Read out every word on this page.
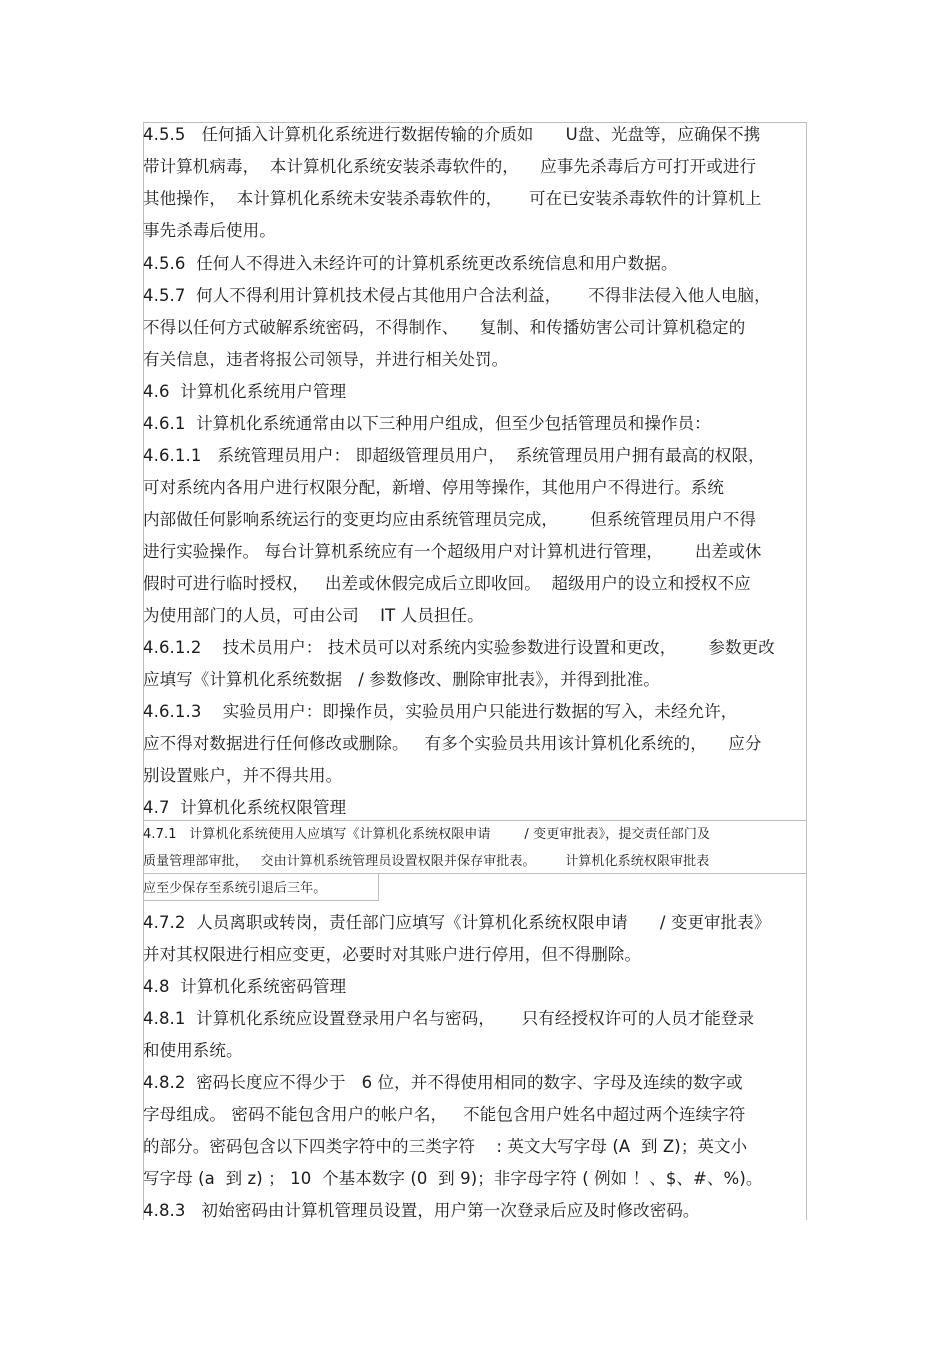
4.5.5   任何插入计算机化系统进行数据传输的介质如      U盘、光盘等，应确保不携
带计算机病毒，  本计算机化系统安装杀毒软件的，    应事先杀毒后方可打开或进行
其他操作，  本计算机化系统未安装杀毒软件的，     可在已安装杀毒软件的计算机上
事先杀毒后使用。
4.5.6  任何人不得进入未经许可的计算机系统更改系统信息和用户数据。
4.5.7  何人不得利用计算机技术侵占其他用户合法利益，     不得非法侵入他人电脑，
不得以任何方式破解系统密码，不得制作、    复制、和传播妨害公司计算机稳定的
有关信息，违者将报公司领导，并进行相关处罚。
4.6  计算机化系统用户管理
4.6.1  计算机化系统通常由以下三种用户组成，但至少包括管理员和操作员：
4.6.1.1   系统管理员用户： 即超级管理员用户，  系统管理员用户拥有最高的权限，
可对系统内各用户进行权限分配，新增、停用等操作，其他用户不得进行。系统
内部做任何影响系统运行的变更均应由系统管理员完成，      但系统管理员用户不得
进行实验操作。 每台计算机系统应有一个超级用户对计算机进行管理，      出差或休
假时可进行临时授权，   出差或休假完成后立即收回。  超级用户的设立和授权不应
为使用部门的人员，可由公司    IT 人员担任。
4.6.1.2    技术员用户： 技术员可以对系统内实验参数进行设置和更改，      参数更改
应填写《计算机化系统数据   / 参数修改、删除审批表》，并得到批准。
4.6.1.3    实验员用户：即操作员，实验员用户只能进行数据的写入，未经允许，
应不得对数据进行任何修改或删除。   有多个实验员共用该计算机化系统的，    应分
别设置账户，并不得共用。
4.7  计算机化系统权限管理
4.7.1   计算机化系统使用人应填写《计算机化系统权限申请        / 变更审批表》，提交责任部门及
质量管理部审批，   交由计算机系统管理员设置权限并保存审批表。       计算机化系统权限审批表
应至少保存至系统引退后三年。
4.7.2  人员离职或转岗，责任部门应填写《计算机化系统权限申请      / 变更审批表》
并对其权限进行相应变更，必要时对其账户进行停用，但不得删除。
4.8  计算机化系统密码管理
4.8.1  计算机化系统应设置登录用户名与密码，     只有经授权许可的人员才能登录
和使用系统。
4.8.2  密码长度应不得少于   6 位，并不得使用相同的数字、字母及连续的数字或
字母组成。 密码不能包含用户的帐户名，   不能包含用户姓名中超过两个连续字符
的部分。密码包含以下四类字符中的三类字符    : 英文大写字母 (A  到 Z)；英文小
写字母 (a  到 z) ； 10  个基本数字 (0  到 9)；非字母字符 ( 例如 ！、$、#、%)。
4.8.3   初始密码由计算机管理员设置，用户第一次登录后应及时修改密码。
